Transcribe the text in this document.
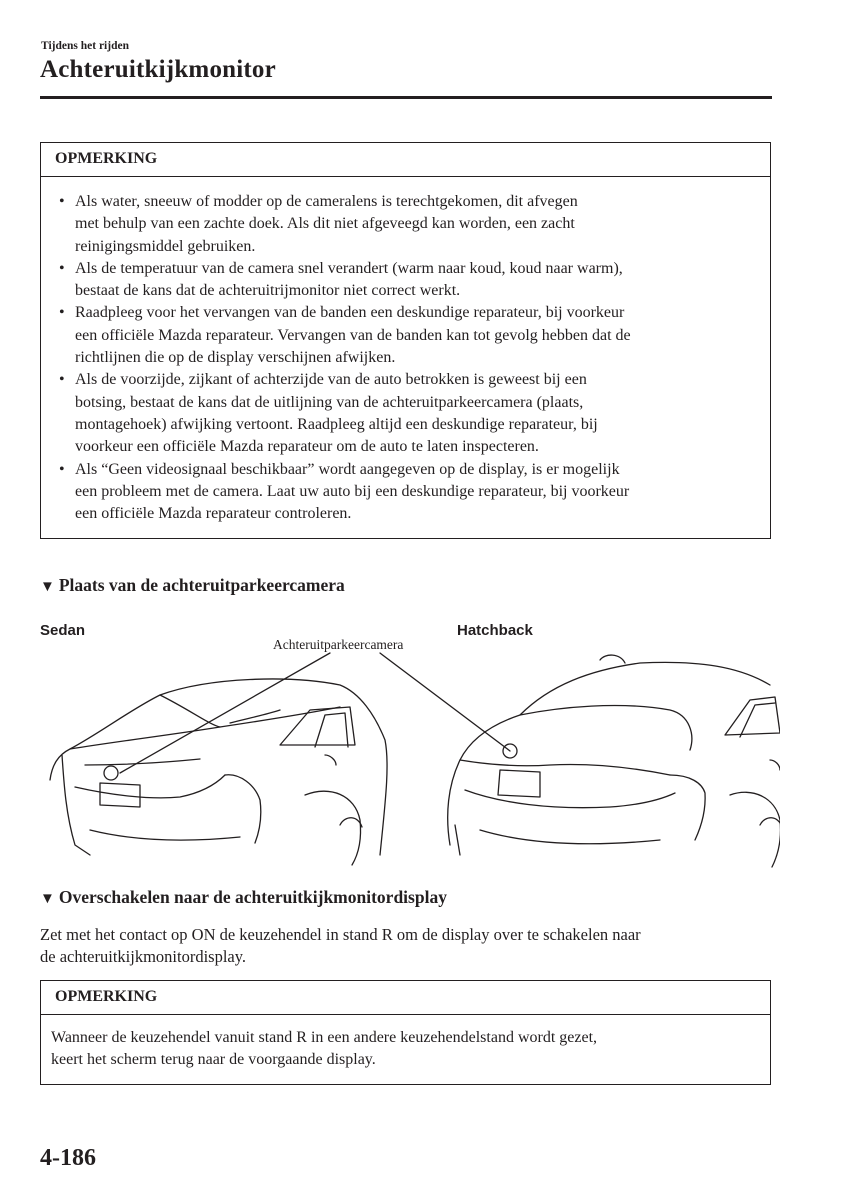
Tijdens het rijden
Achteruitkijkmonitor
OPMERKING
• Als water, sneeuw of modder op de cameralens is terechtgekomen, dit afvegen
met behulp van een zachte doek. Als dit niet afgeveegd kan worden, een zacht
reinigingsmiddel gebruiken.
• Als de temperatuur van de camera snel verandert (warm naar koud, koud naar warm),
bestaat de kans dat de achteruitrijmonitor niet correct werkt.
• Raadpleeg voor het vervangen van de banden een deskundige reparateur, bij voorkeur
een officiële Mazda reparateur. Vervangen van de banden kan tot gevolg hebben dat de
richtlijnen die op de display verschijnen afwijken.
• Als de voorzijde, zijkant of achterzijde van de auto betrokken is geweest bij een
botsing, bestaat de kans dat de uitlijning van de achteruitparkeercamera (plaats,
montagehoek) afwijking vertoont. Raadpleeg altijd een deskundige reparateur, bij
voorkeur een officiële Mazda reparateur om de auto te laten inspecteren.
• Als “Geen videosignaal beschikbaar” wordt aangegeven op de display, is er mogelijk
een probleem met de camera. Laat uw auto bij een deskundige reparateur, bij voorkeur
een officiële Mazda reparateur controleren.
▼ Plaats van de achteruitparkeercamera
Sedan	Hatchback
Achteruitparkeercamera
▼ Overschakelen naar de achteruitkijkmonitordisplay
Zet met het contact op ON de keuzehendel in stand R om de display over te schakelen naar
de achteruitkijkmonitordisplay.
OPMERKING
Wanneer de keuzehendel vanuit stand R in een andere keuzehendelstand wordt gezet,
keert het scherm terug naar de voorgaande display.
4-186
